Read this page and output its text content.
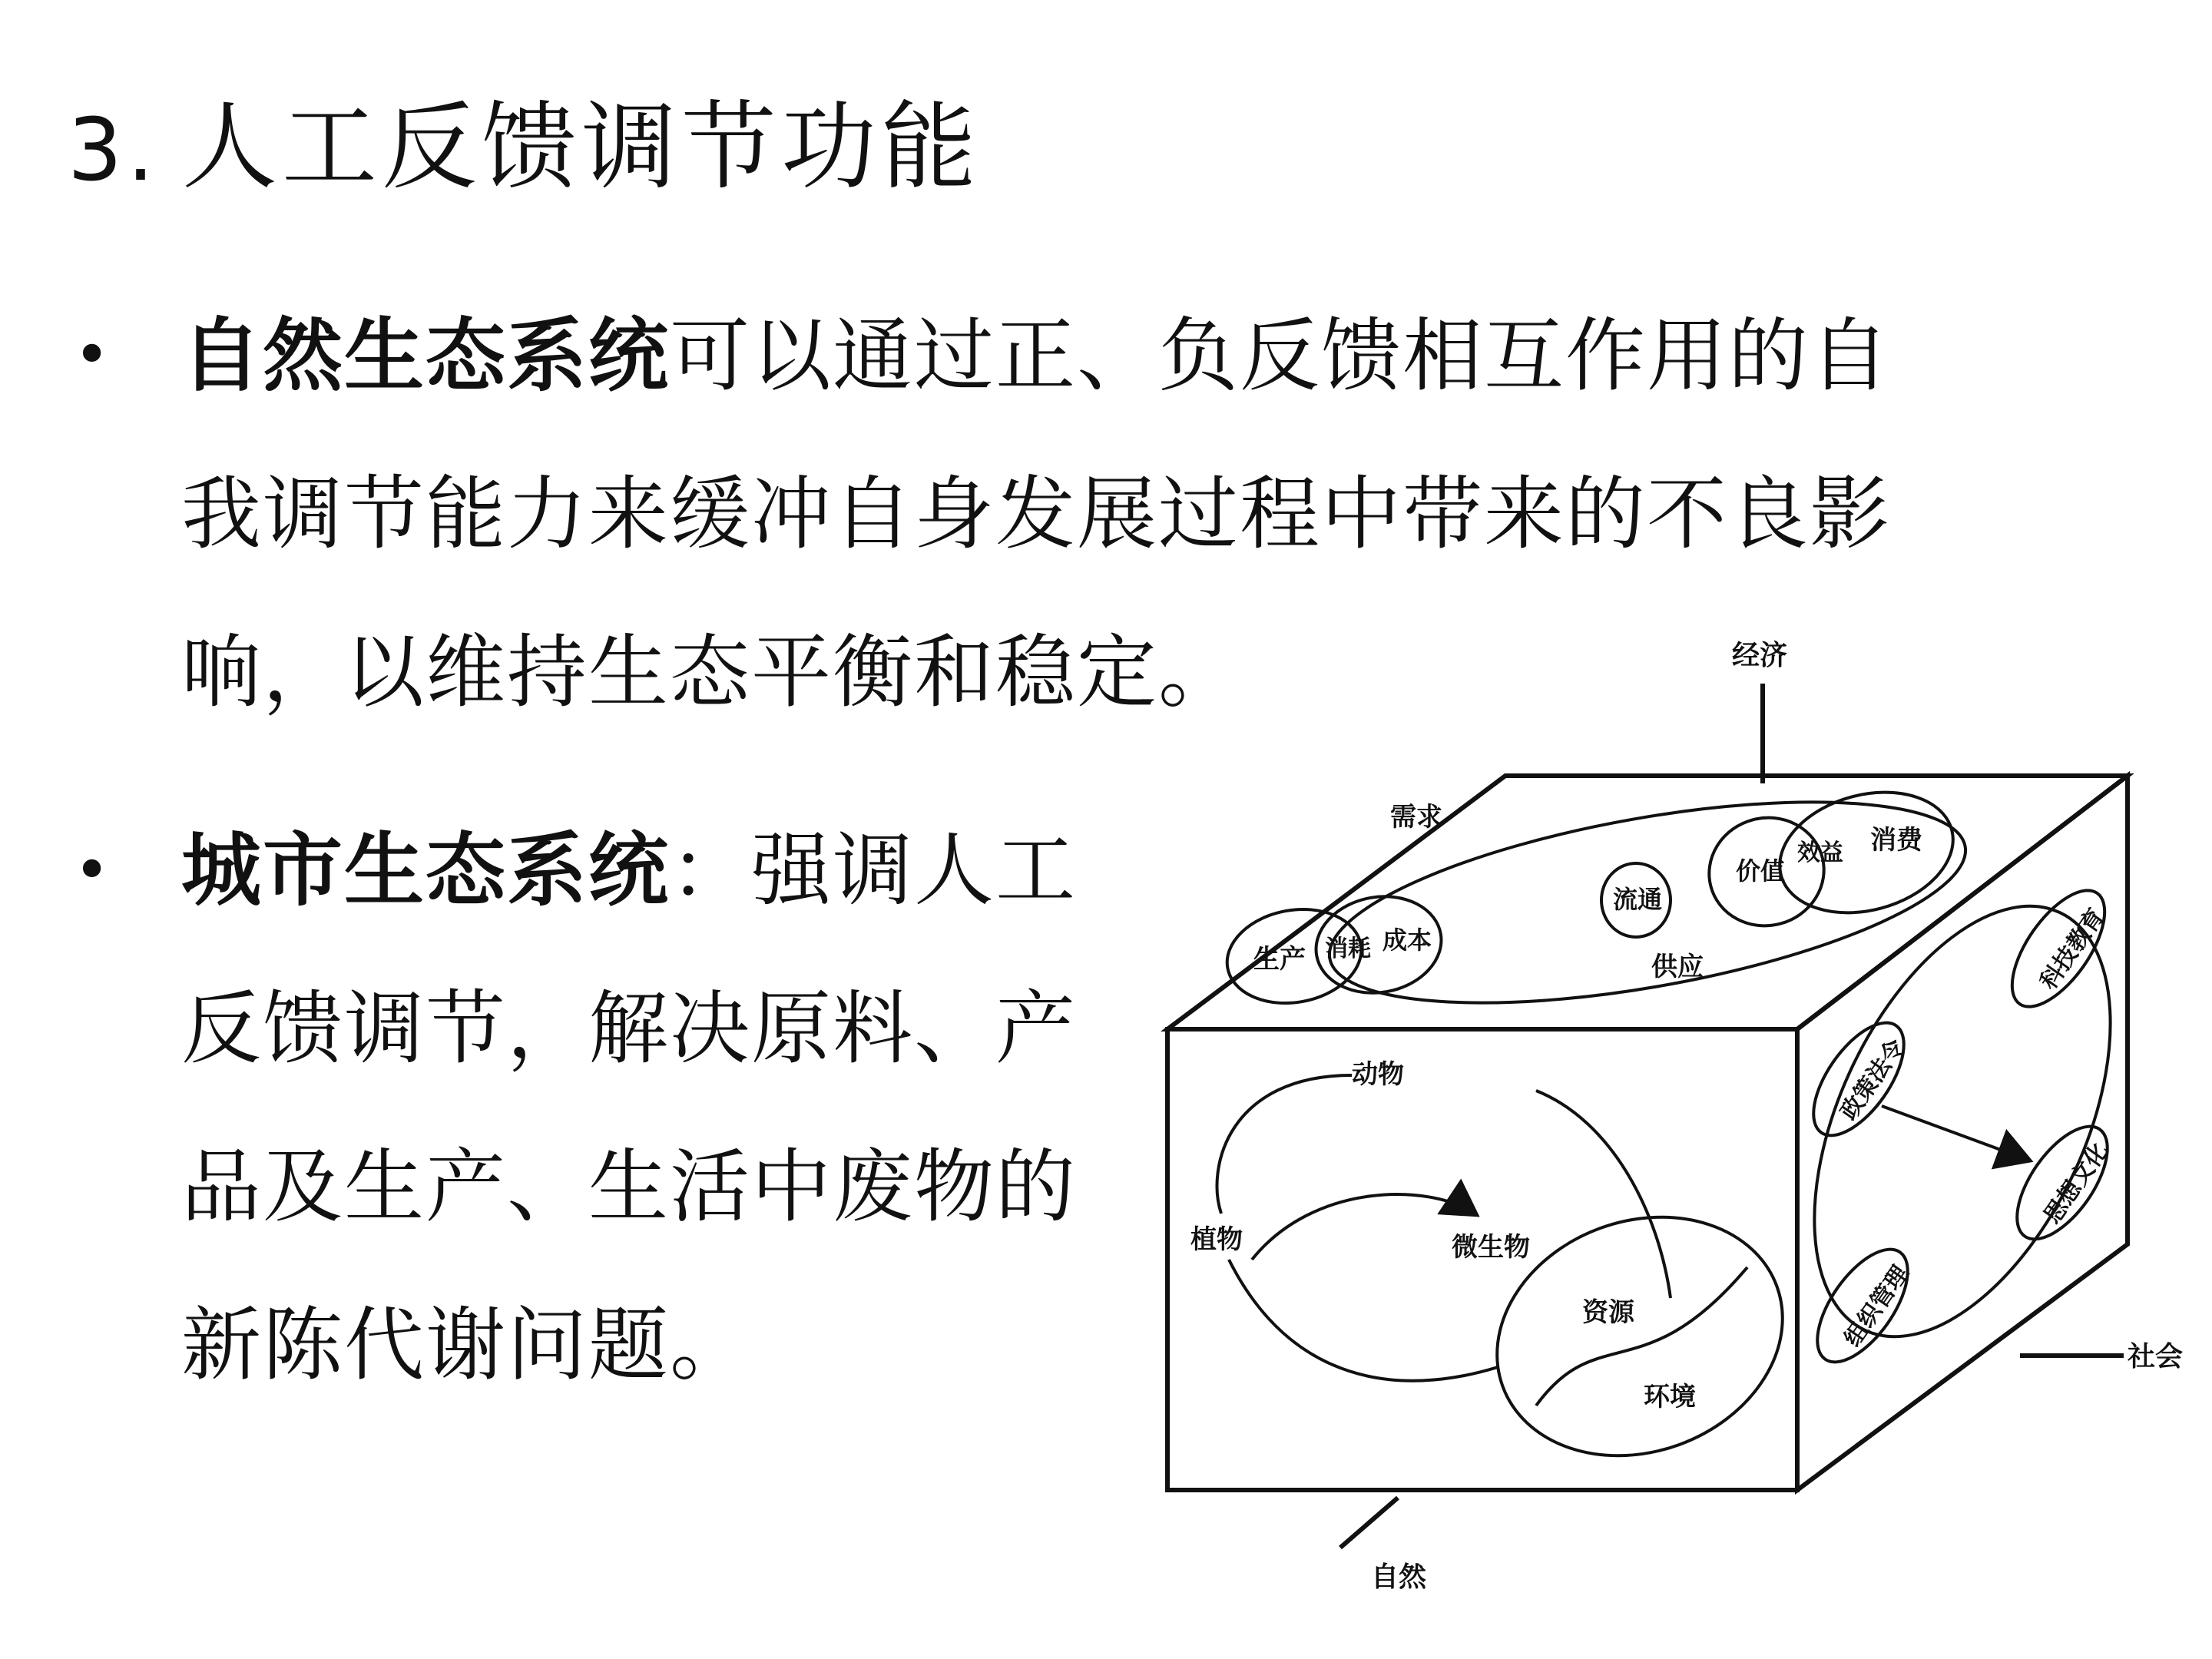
3. 人工反馈调节功能
• 自然生态系统可以通过正、负反馈相互作用的自
我调节能力来缓冲自身发展过程中带来的不良影
响，以维持生态平衡和稳定。
• 城市生态系统：强调人工
反馈调节，解决原料、产
品及生产、生活中废物的
新陈代谢问题。
经济
社会
自然
需求
供应
生产 消耗 成本
流通
价值
效益 消费
动物
植物	微生物
资源
环境
科技教育
政策法令
思想文化
组织管理
